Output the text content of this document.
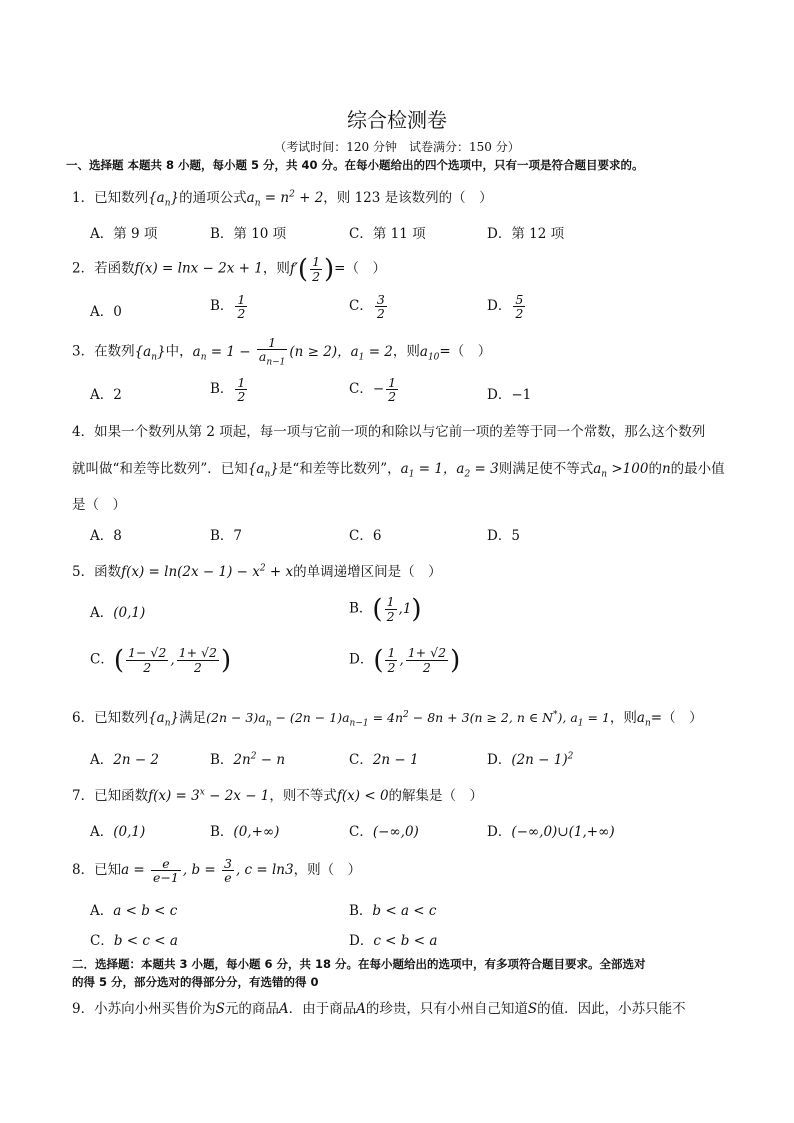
综合检测卷
（考试时间：120 分钟　试卷满分：150 分）
一、选择题 本题共 8 小题，每小题 5 分，共 40 分。在每小题给出的四个选项中，只有一项是符合题目要求的。
1．已知数列$\{a_n\}$的通项公式$a_n = n^2 + 2$，则 123 是该数列的（　）
A．第 9 项	B．第 10 项	C．第 11 项	D．第 12 项
2．若函数f(x) = lnx − 2x + 1，则$f'( \frac{1}{2}$ )=（　）
A．0	B． $\frac{1}{2}$	C． $\frac{3}{2}$	D． $\frac{5}{2}$
3．在数列$\{a_n\}$中，$a_n = 1 - \frac{1}{a_{n-1}} (n \ge 2)$，$a_1 = 2$，则$a_{10}=$（　）
A．2	B． $\frac{1}{2}$	C．− $\frac{1}{2}$	D．−1
4．如果一个数列从第 2 项起，每一项与它前一项的和除以与它前一项的差等于同一个常数，那么这个数列
就叫做“和差等比数列”．已知$\{a_n\}$是“和差等比数列”，$a_1 = 1$，$a_2 = 3$则满足使不等式$a_n >100$的n的最小值
是（　）
A．8	B．7	C．6	D．5
5．函数$f(x) = \ln(2x - 1) - x^2 + x$的单调递增区间是（　）
A．(0,1)	B．( $\frac{1}{2} ,1$)
C．( $\frac{1- √2}{2}$ , $\frac{1+ √2}{2}$ )	D．( $\frac{1}{2}$ , $\frac{1+ √2}{2}$ )
6．已知数列$\{a_n\}$满足$(2n - 3)a_n - (2n - 1)a_{n-1} = 4n^2 - 8n + 3(n \ge 2$, n ∈ N*), $a_1 = 1$，则$a_n=$（　）
A．2n − 2	B．$2n^2 - n$	C．2n − 1	D．$(2n - 1)^2$
7．已知函数$f(x) = 3^x - 2x - 1$，则不等式f(x) < 0的解集是（　）
A．(0,1)	B．(0,+∞)	C．(−∞,0)	D．(−∞,0)∪(1,+∞)
8．已知$a = \frac{e}{e-1}$ , $b = \frac{3}{e}$ , c = ln3，则（　）
A．a < b < c	B．b < a < c
C．b < c < a	D．c < b < a
二．选择题：本题共 3 小题，每小题 6 分，共 18 分。在每小题给出的选项中，有多项符合题目要求。全部选对
的得 5 分，部分选对的得部分分，有选错的得 0
9．小苏向小州买售价为S元的商品A．由于商品A的珍贵，只有小州自己知道S的值．因此，小苏只能不
